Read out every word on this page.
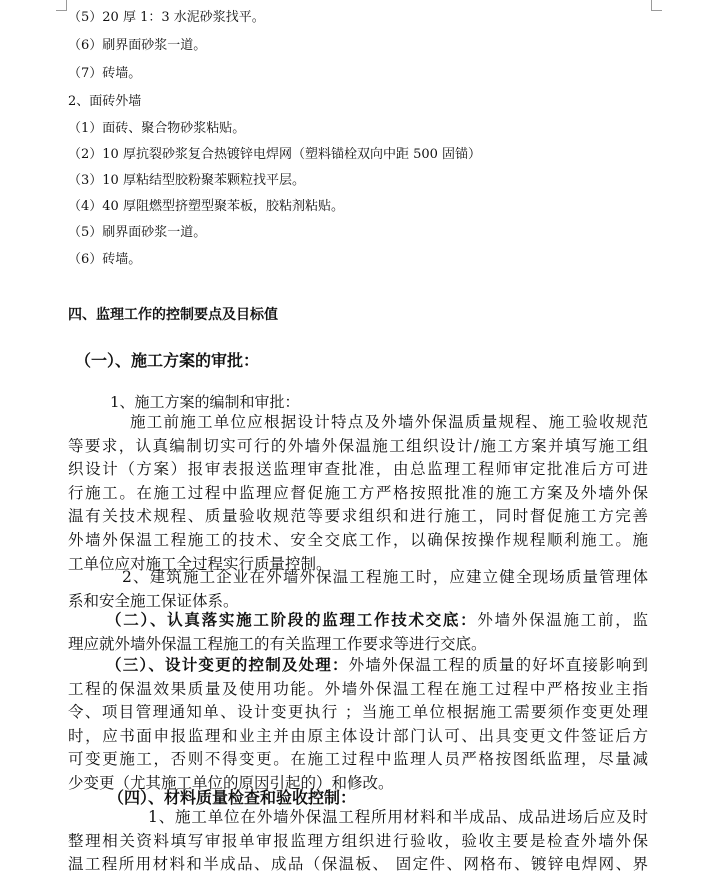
（5）20 厚 1：3 水泥砂浆找平。
（6）刷界面砂浆一道。
（7）砖墙。
2、面砖外墙
（1）面砖、聚合物砂浆粘贴。
（2）10 厚抗裂砂浆复合热镀锌电焊网（塑料锚栓双向中距 500 固锚）
（3）10 厚粘结型胶粉聚苯颗粒找平层。
（4）40 厚阻燃型挤塑型聚苯板，胶粘剂粘贴。
（5）刷界面砂浆一道。
（6）砖墙。
四、监理工作的控制要点及目标值
（一）、施工方案的审批：
1、施工方案的编制和审批：
施工前施工单位应根据设计特点及外墙外保温质量规程、施工验收规范
等要求，认真编制切实可行的外墙外保温施工组织设计/施工方案并填写施工组
织设计（方案）报审表报送监理审查批准，由总监理工程师审定批准后方可进
行施工。在施工过程中监理应督促施工方严格按照批准的施工方案及外墙外保
温有关技术规程、质量验收规范等要求组织和进行施工，同时督促施工方完善
外墙外保温工程施工的技术、安全交底工作，以确保按操作规程顺利施工。施
工单位应对施工全过程实行质量控制。
2、建筑施工企业在外墙外保温工程施工时，应建立健全现场质量管理体
系和安全施工保证体系。
（二）、认真落实施工阶段的监理工作技术交底：外墙外保温施工前，监
理应就外墙外保温工程施工的有关监理工作要求等进行交底。
（三）、设计变更的控制及处理：外墙外保温工程的质量的好坏直接影响到
工程的保温效果质量及使用功能。外墙外保温工程在施工过程中严格按业主指
令、项目管理通知单、设计变更执行 ；当施工单位根据施工需要须作变更处理
时，应书面申报监理和业主并由原主体设计部门认可、出具变更文件签证后方
可变更施工，否则不得变更。在施工过程中监理人员严格按图纸监理，尽量减
少变更（尤其施工单位的原因引起的）和修改。
（四）、材料质量检查和验收控制：
1、施工单位在外墙外保温工程所用材料和半成品、成品进场后应及时
整理相关资料填写审报单审报监理方组织进行验收，验收主要是检查外墙外保
温工程所用材料和半成品、成品（保温板、 固定件、网格布、镀锌电焊网、界
